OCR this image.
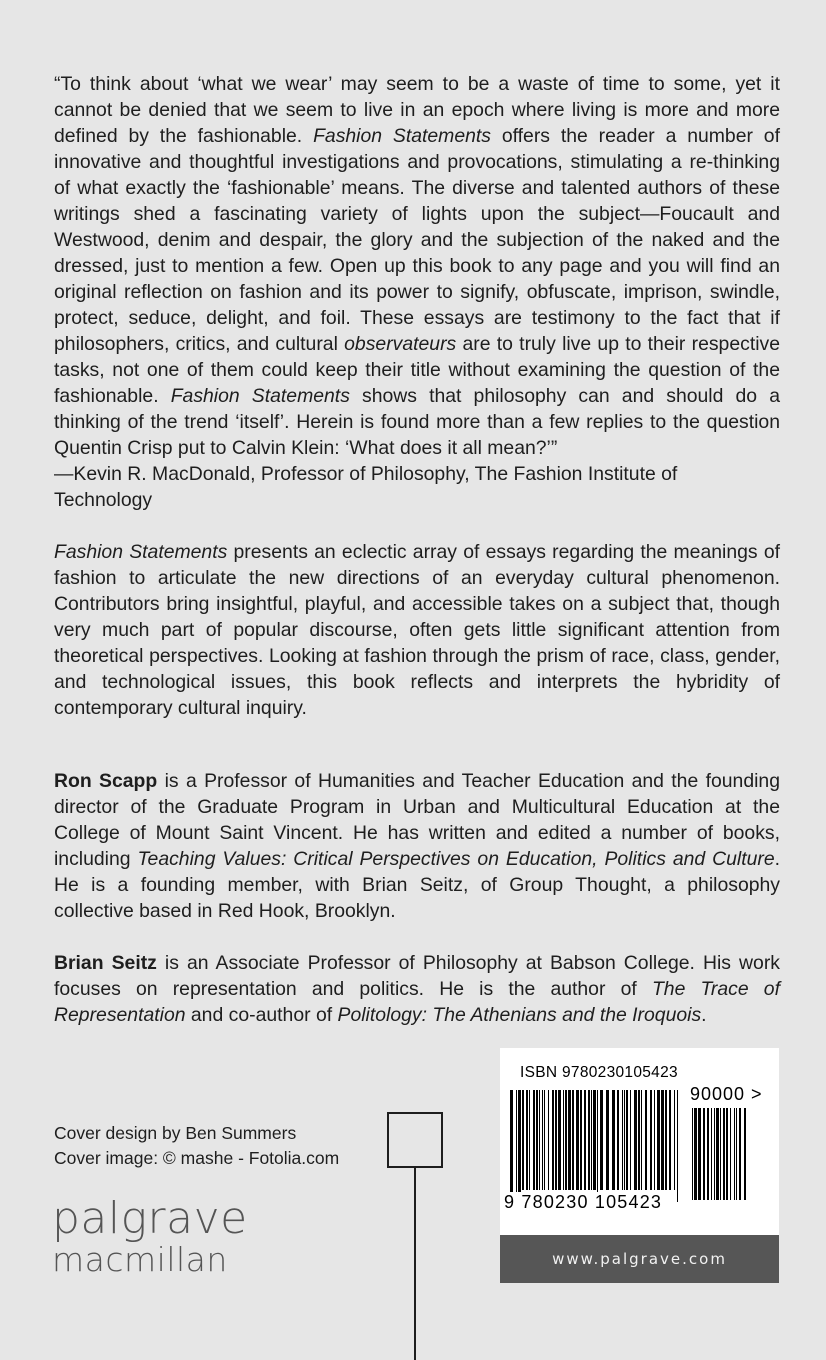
“To think about ‘what we wear’ may seem to be a waste of time to some, yet it cannot be denied that we seem to live in an epoch where living is more and more defined by the fashionable. Fashion Statements offers the reader a number of innovative and thoughtful investigations and provocations, stimulating a re-thinking of what exactly the ‘fashionable’ means. The diverse and talented authors of these writings shed a fascinating variety of lights upon the subject—Foucault and Westwood, denim and despair, the glory and the subjection of the naked and the dressed, just to mention a few. Open up this book to any page and you will find an original reflection on fashion and its power to signify, obfuscate, imprison, swindle, protect, seduce, delight, and foil. These essays are testimony to the fact that if philosophers, critics, and cultural observateurs are to truly live up to their respective tasks, not one of them could keep their title without examining the question of the fashionable. Fashion Statements shows that philosophy can and should do a thinking of the trend ‘itself’. Herein is found more than a few replies to the question Quentin Crisp put to Calvin Klein: ‘What does it all mean?’”

—Kevin R. MacDonald, Professor of Philosophy, The Fashion Institute of Technology

Fashion Statements presents an eclectic array of essays regarding the meanings of fashion to articulate the new directions of an everyday cultural phenomenon. Contributors bring insightful, playful, and accessible takes on a subject that, though very much part of popular discourse, often gets little significant attention from theoretical perspectives. Looking at fashion through the prism of race, class, gender, and technological issues, this book reflects and interprets the hybridity of contemporary cultural inquiry.

Ron Scapp is a Professor of Humanities and Teacher Education and the founding director of the Graduate Program in Urban and Multicultural Education at the College of Mount Saint Vincent. He has written and edited a number of books, including Teaching Values: Critical Perspectives on Education, Politics and Culture. He is a founding member, with Brian Seitz, of Group Thought, a philosophy collective based in Red Hook, Brooklyn.

Brian Seitz is an Associate Professor of Philosophy at Babson College. His work focuses on representation and politics. He is the author of The Trace of Representation and co-author of Politology: The Athenians and the Iroquois.

Cover design by Ben Summers
Cover image: © mashe - Fotolia.com
palgrave
macmillan
ISBN 9780230105423
9 780230 105423
90000 >
www.palgrave.com
